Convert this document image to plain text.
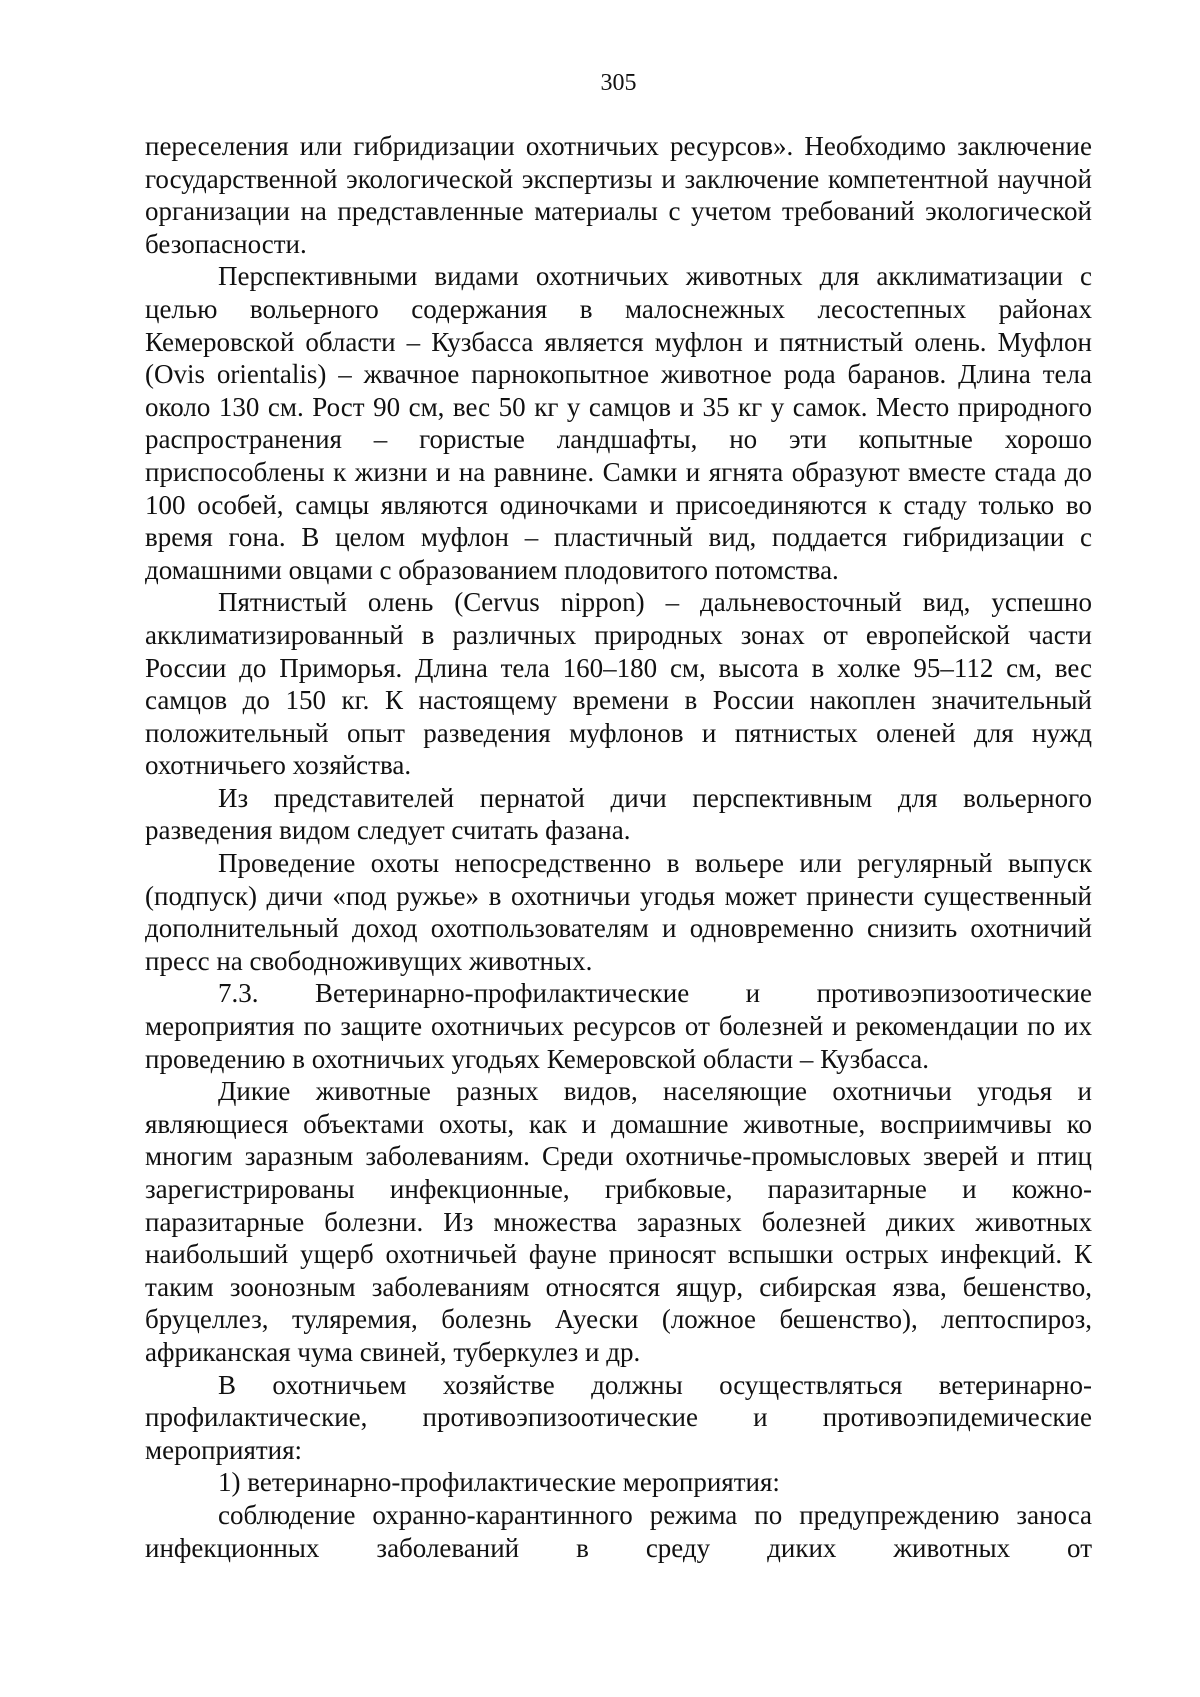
305

переселения или гибридизации охотничьих ресурсов». Необходимо заключение государственной экологической экспертизы и заключение компетентной научной организации на представленные материалы с учетом требований экологической безопасности.

Перспективными видами охотничьих животных для акклиматизации с целью вольерного содержания в малоснежных лесостепных районах Кемеровской области – Кузбасса является муфлон и пятнистый олень. Муфлон (Ovis orientalis) – жвачное парнокопытное животное рода баранов. Длина тела около 130 см. Рост 90 см, вес 50 кг у самцов и 35 кг у самок. Место природного распространения – гористые ландшафты, но эти копытные хорошо приспособлены к жизни и на равнине. Самки и ягнята образуют вместе стада до 100 особей, самцы являются одиночками и присоединяются к стаду только во время гона. В целом муфлон – пластичный вид, поддается гибридизации с домашними овцами с образованием плодовитого потомства.

Пятнистый олень (Cervus nippon) – дальневосточный вид, успешно акклиматизированный в различных природных зонах от европейской части России до Приморья. Длина тела 160–180 см, высота в холке 95–112 см, вес самцов до 150 кг. К настоящему времени в России накоплен значительный положительный опыт разведения муфлонов и пятнистых оленей для нужд охотничьего хозяйства.

Из представителей пернатой дичи перспективным для вольерного разведения видом следует считать фазана.

Проведение охоты непосредственно в вольере или регулярный выпуск (подпуск) дичи «под ружье» в охотничьи угодья может принести существенный дополнительный доход охотпользователям и одновременно снизить охотничий пресс на свободноживущих животных.

7.3. Ветеринарно-профилактические и противоэпизоотические мероприятия по защите охотничьих ресурсов от болезней и рекомендации по их проведению в охотничьих угодьях Кемеровской области – Кузбасса.

Дикие животные разных видов, населяющие охотничьи угодья и являющиеся объектами охоты, как и домашние животные, восприимчивы ко многим заразным заболеваниям. Среди охотничье-промысловых зверей и птиц зарегистрированы инфекционные, грибковые, паразитарные и кожно-паразитарные болезни. Из множества заразных болезней диких животных наибольший ущерб охотничьей фауне приносят вспышки острых инфекций. К таким зоонозным заболеваниям относятся ящур, сибирская язва, бешенство, бруцеллез, туляремия, болезнь Ауески (ложное бешенство), лептоспироз, африканская чума свиней, туберкулез и др.

В охотничьем хозяйстве должны осуществляться ветеринарно-профилактические, противоэпизоотические и противоэпидемические мероприятия:

1) ветеринарно-профилактические мероприятия:

соблюдение охранно-карантинного режима по предупреждению заноса инфекционных заболеваний в среду диких животных от
